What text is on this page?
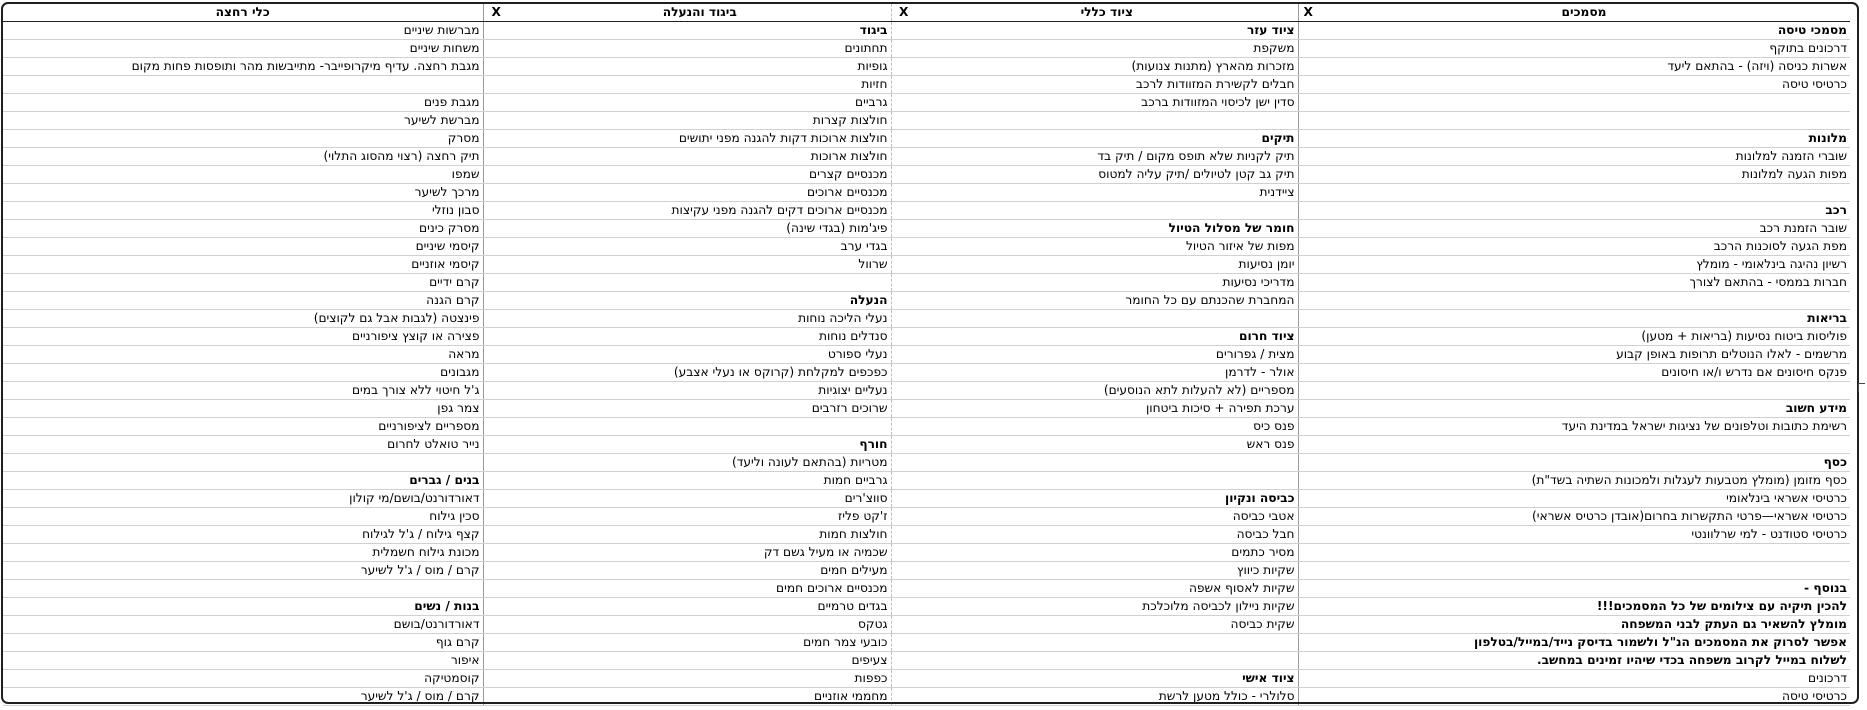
מסמכים	X	ציוד כללי	X	ביגוד והנעלה	X	כלי רחצה
מסמכי טיסה		ציוד עזר		ביגוד		מברשות שיניים
דרכונים בתוקף		משקפת		תחתונים		משחות שיניים
אשרות כניסה (ויזה) - בהתאם ליעד		מזכרות מהארץ (מתנות צנועות)		גופיות		מגבת רחצה. עדיף מיקרופייבר- מתייבשות מהר ותופסות פחות מקום
כרטיסי טיסה		חבלים לקשירת המזוודות לרכב		חזיות		
		סדין ישן לכיסוי המזוודות ברכב		גרביים		מגבת פנים
				חולצות קצרות		מברשת לשיער
מלונות		תיקים		חולצות ארוכות דקות להגנה מפני יתושים		מסרק
שוברי הזמנה למלונות		תיק לקניות שלא תופס מקום / תיק בד		חולצות ארוכות		תיק רחצה (רצוי מהסוג התלוי)
מפות הגעה למלונות		תיק גב קטן לטיולים /תיק עליה למטוס		מכנסיים קצרים		שמפו
		ציידנית		מכנסיים ארוכים		מרכך לשיער
רכב				מכנסיים ארוכים דקים להגנה מפני עקיצות		סבון נוזלי
שובר הזמנת רכב		חומר של מסלול הטיול		פיג'מות (בגדי שינה)		מסרק כינים
מפת הגעה לסוכנות הרכב		מפות של איזור הטיול		בגדי ערב		קיסמי שיניים
רשיון נהיגה בינלאומי - מומלץ		יומן נסיעות		שרוול		קיסמי אוזניים
חברות בממסי - בהתאם לצורך		מדריכי נסיעות				קרם ידיים
		המחברת שהכנתם עם כל החומר		הנעלה		קרם הגנה
בריאות				נעלי הליכה נוחות		פינצטה (לגבות אבל גם לקוצים)
פוליסות ביטוח נסיעות (בריאות + מטען)		ציוד חרום		סנדלים נוחות		פצירה או קוצץ ציפורניים
מרשמים - לאלו הנוטלים תרופות באופן קבוע		מצית / גפרורים		נעלי ספורט		מראה
פנקס חיסונים אם נדרש ו/או חיסונים		אולר - לדרמן		כפכפים למקלחת (קרוקס או נעלי אצבע)		מגבונים
		מספריים (לא להעלות לתא הנוסעים)		נעליים יצוגיות		ג'ל חיטוי ללא צורך במים
מידע חשוב		ערכת תפירה + סיכות ביטחון		שרוכים רזרבים		צמר גפן
רשימת כתובות וטלפונים של נציגות ישראל במדינת היעד		פנס כיס				מספריים לציפורניים
		פנס ראש		חורף		נייר טואלט לחרום
כסף				מטריות (בהתאם לעונה וליעד)		
כסף מזומן (מומלץ מטבעות לעגלות ולמכונות השתיה בשד"ת)				גרביים חמות		בנים / גברים
כרטיסי אשראי בינלאומי		כביסה ונקיון		סווצ'רים		דאורדורנט/בושם/מי קולון
כרטיסי אשראי—פרטי התקשרות בחרום(אובדן כרטיס אשראי)		אטבי כביסה		ז'קט פליז		סכין גילוח
כרטיסי סטודנט - למי שרלוונטי		חבל כביסה		חולצות חמות		קצף גילוח / ג'ל לגילוח
		מסיר כתמים		שכמיה או מעיל גשם דק		מכונת גילוח חשמלית
		שקיות כיווץ		מעילים חמים		קרם / מוס / ג'ל לשיער
בנוסף -		שקיות לאסוף אשפה		מכנסיים ארוכים חמים		
להכין תיקיה עם צילומים של כל המסמכים!!!		שקיות ניילון לכביסה מלוכלכת		בגדים טרמיים		בנות / נשים
מומלץ להשאיר גם העתק לבני המשפחה		שקית כביסה		גטקס		דאורדורנט/בושם
אפשר לסרוק את המסמכים הנ"ל ולשמור בדיסק נייד/במייל/בטלפון				כובעי צמר חמים		קרם גוף
לשלוח במייל לקרוב משפחה בכדי שיהיו זמינים במחשב.				צעיפים		איפור
דרכונים		ציוד אישי		כפפות		קוסמטיקה
כרטיסי טיסה		סלולרי - כולל מטען לרשת		מחממי אוזניים		קרם / מוס / ג'ל לשיער
